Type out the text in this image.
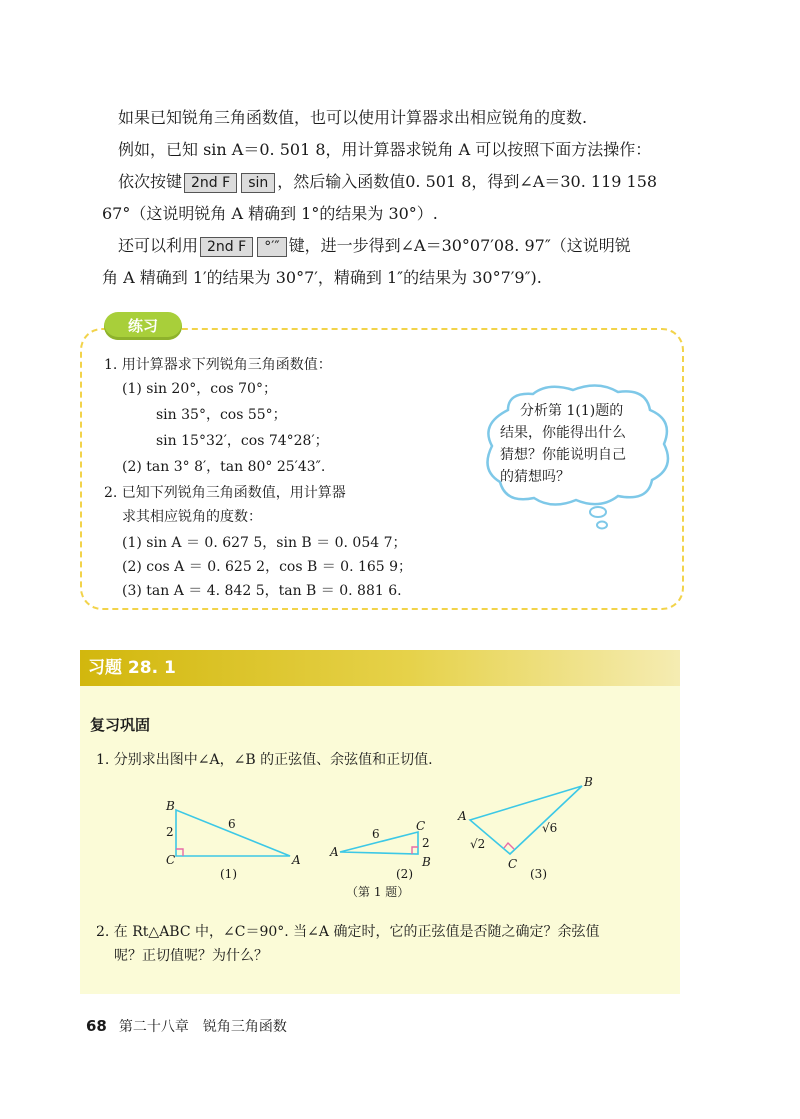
如果已知锐角三角函数值，也可以使用计算器求出相应锐角的度数.
例如，已知 sin A＝0. 501 8，用计算器求锐角 A 可以按照下面方法操作：
依次按键 2nd F sin ，然后输入函数值0. 501 8，得到∠A＝30. 119 158
67°（这说明锐角 A 精确到 1°的结果为 30°）.
还可以利用 2nd F °′″ 键，进一步得到∠A＝30°07′08. 97″（这说明锐
角 A 精确到 1′的结果为 30°7′，精确到 1″的结果为 30°7′9″).
练习
1. 用计算器求下列锐角三角函数值：
(1) sin 20°，cos 70°；
sin 35°，cos 55°；
sin 15°32′，cos 74°28′；
(2) tan 3° 8′，tan 80° 25′43″.
2. 已知下列锐角三角函数值，用计算器
求其相应锐角的度数：
(1) sin A ＝ 0. 627 5，sin B ＝ 0. 054 7；
(2) cos A ＝ 0. 625 2，cos B ＝ 0. 165 9；
(3) tan A ＝ 4. 842 5，tan B ＝ 0. 881 6.
分析第 1(1)题的
结果，你能得出什么
猜想？你能说明自己
的猜想吗？
习题 28. 1
复习巩固
1. 分别求出图中∠A，∠B 的正弦值、余弦值和正切值.
B
C	A
2
6
(1)
A
C
B
6
2
(2)
A
B
C
√2
√6
(3)
（第 1 题）
2. 在 Rt△ABC 中，∠C＝90°. 当∠A 确定时，它的正弦值是否随之确定？余弦值
呢？正切值呢？为什么？
68 第二十八章　锐角三角函数
